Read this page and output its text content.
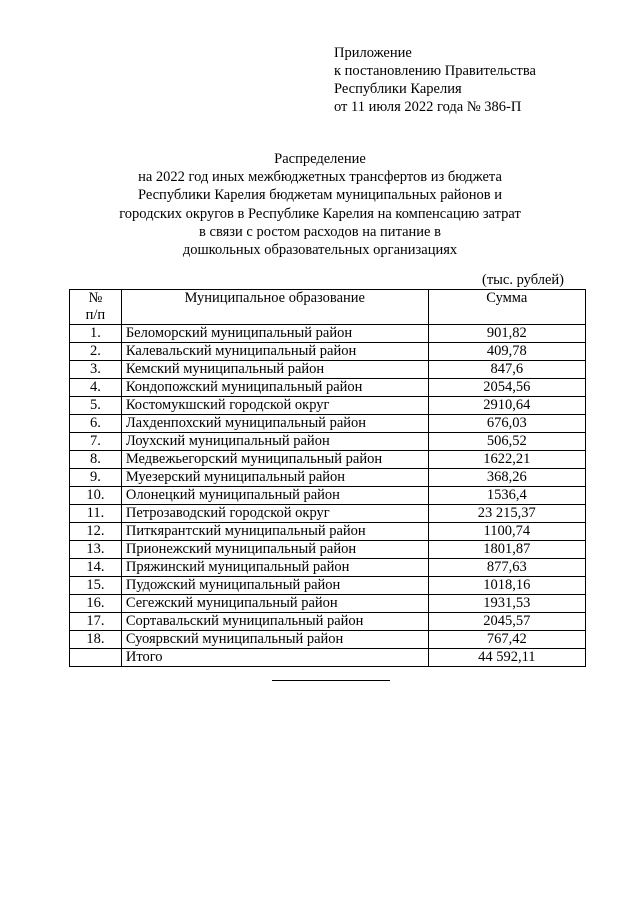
Приложение
к постановлению Правительства
Республики Карелия
от 11 июля 2022 года № 386-П
Распределение
на 2022 год иных межбюджетных трансфертов из бюджета
Республики Карелия бюджетам муниципальных районов и
городских округов в Республике Карелия на компенсацию затрат
в связи с ростом расходов на питание в
дошкольных образовательных организациях
(тыс. рублей)
№
п/п	Муниципальное образование	Сумма
1.	Беломорский муниципальный район	901,82
2.	Калевальский муниципальный район	409,78
3.	Кемский муниципальный район	847,6
4.	Кондопожский муниципальный район	2054,56
5.	Костомукшский городской округ	2910,64
6.	Лахденпохский муниципальный район	676,03
7.	Лоухский муниципальный район	506,52
8.	Медвежьегорский муниципальный район	1622,21
9.	Муезерский муниципальный район	368,26
10.	Олонецкий муниципальный район	1536,4
11.	Петрозаводский городской округ	23 215,37
12.	Питкярантский муниципальный район	1100,74
13.	Прионежский муниципальный район	1801,87
14.	Пряжинский муниципальный район	877,63
15.	Пудожский муниципальный район	1018,16
16.	Сегежский муниципальный район	1931,53
17.	Сортавальский муниципальный район	2045,57
18.	Суоярвский муниципальный район	767,42
	Итого	44 592,11
